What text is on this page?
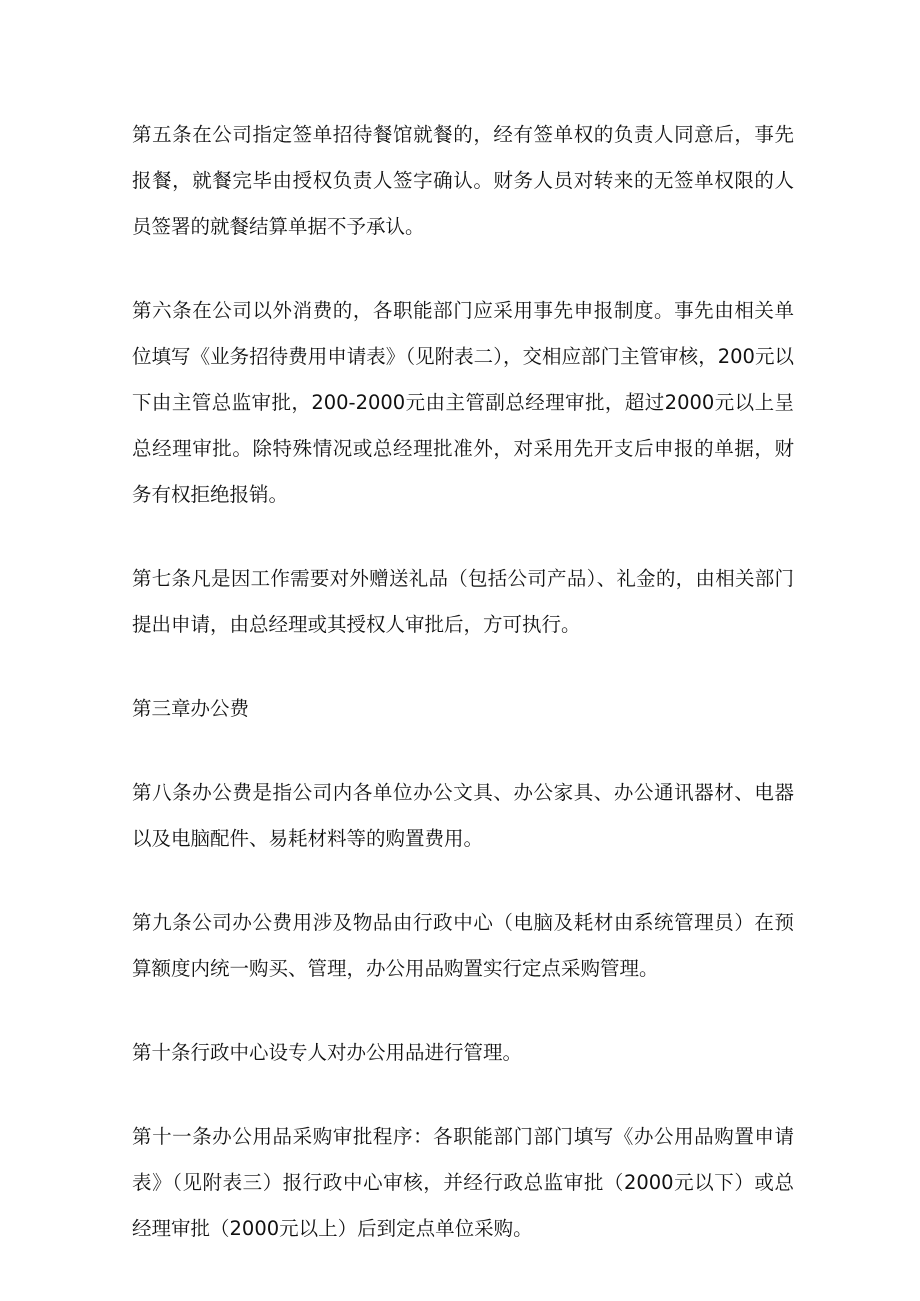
第五条在公司指定签单招待餐馆就餐的，经有签单权的负责人同意后，事先报餐，就餐完毕由授权负责人签字确认。财务人员对转来的无签单权限的人员签署的就餐结算单据不予承认。

第六条在公司以外消费的，各职能部门应采用事先申报制度。事先由相关单位填写《业务招待费用申请表》（见附表二），交相应部门主管审核，200元以下由主管总监审批，200-2000元由主管副总经理审批，超过2000元以上呈总经理审批。除特殊情况或总经理批准外，对采用先开支后申报的单据，财务有权拒绝报销。

第七条凡是因工作需要对外赠送礼品（包括公司产品）、礼金的，由相关部门提出申请，由总经理或其授权人审批后，方可执行。

第三章办公费

第八条办公费是指公司内各单位办公文具、办公家具、办公通讯器材、电器以及电脑配件、易耗材料等的购置费用。

第九条公司办公费用涉及物品由行政中心（电脑及耗材由系统管理员）在预算额度内统一购买、管理，办公用品购置实行定点采购管理。

第十条行政中心设专人对办公用品进行管理。

第十一条办公用品采购审批程序：各职能部门部门填写《办公用品购置申请表》（见附表三）报行政中心审核，并经行政总监审批（2000元以下）或总经理审批（2000元以上）后到定点单位采购。
